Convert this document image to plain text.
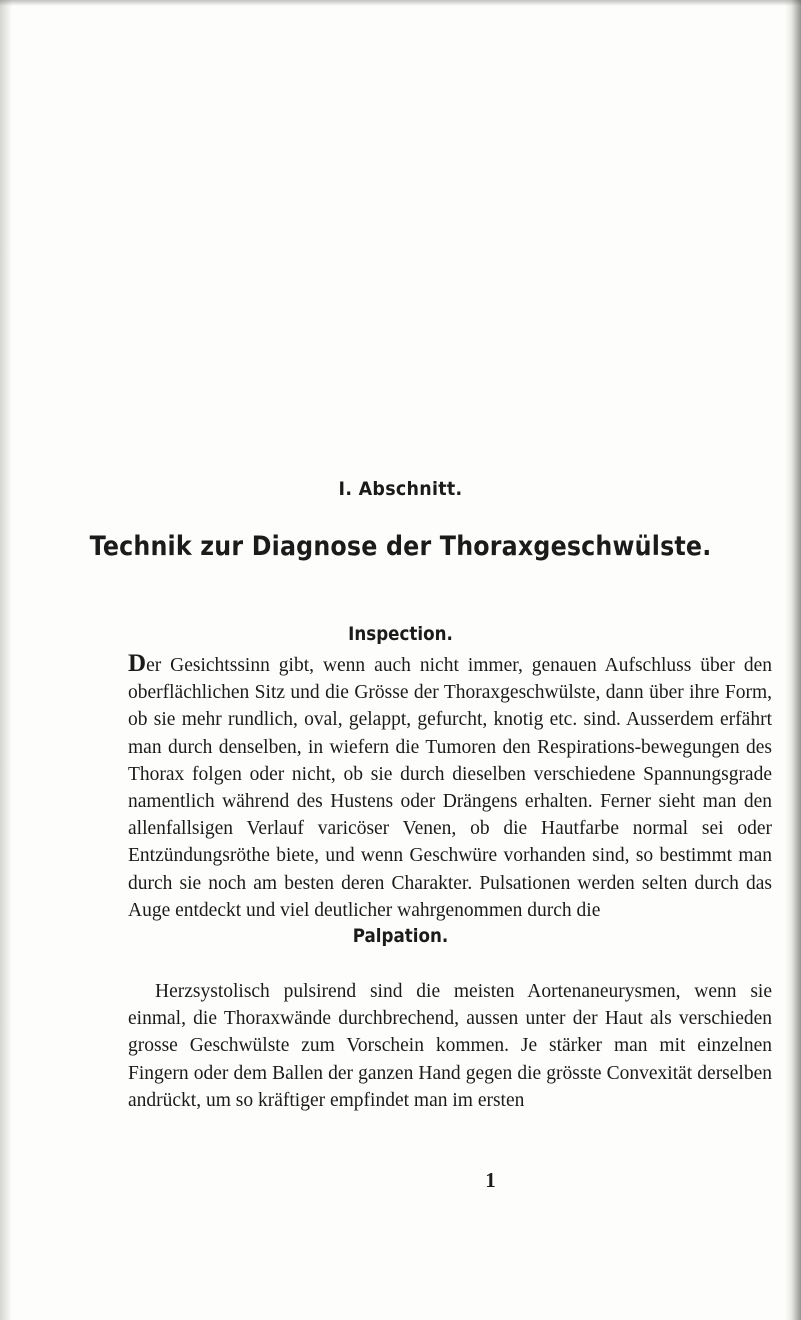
I. Abschnitt.
Technik zur Diagnose der Thoraxgeschwülste.
Inspection.

Der Gesichtssinn gibt, wenn auch nicht immer, genauen Aufschluss über den oberflächlichen Sitz und die Grösse der Thoraxgeschwülste, dann über ihre Form, ob sie mehr rundlich, oval, gelappt, gefurcht, knotig etc. sind. Ausserdem erfährt man durch denselben, in wiefern die Tumoren den Respirations-bewegungen des Thorax folgen oder nicht, ob sie durch dieselben verschiedene Spannungsgrade namentlich während des Hustens oder Drängens erhalten. Ferner sieht man den allenfallsigen Verlauf varicöser Venen, ob die Hautfarbe normal sei oder Entzündungsröthe biete, und wenn Geschwüre vorhanden sind, so bestimmt man durch sie noch am besten deren Charakter. Pulsationen werden selten durch das Auge entdeckt und viel deutlicher wahrgenommen durch die

Palpation.

Herzsystolisch pulsirend sind die meisten Aortenaneurysmen, wenn sie einmal, die Thoraxwände durchbrechend, aussen unter der Haut als verschieden grosse Geschwülste zum Vorschein kommen. Je stärker man mit einzelnen Fingern oder dem Ballen der ganzen Hand gegen die grösste Convexität derselben andrückt, um so kräftiger empfindet man im ersten

1
